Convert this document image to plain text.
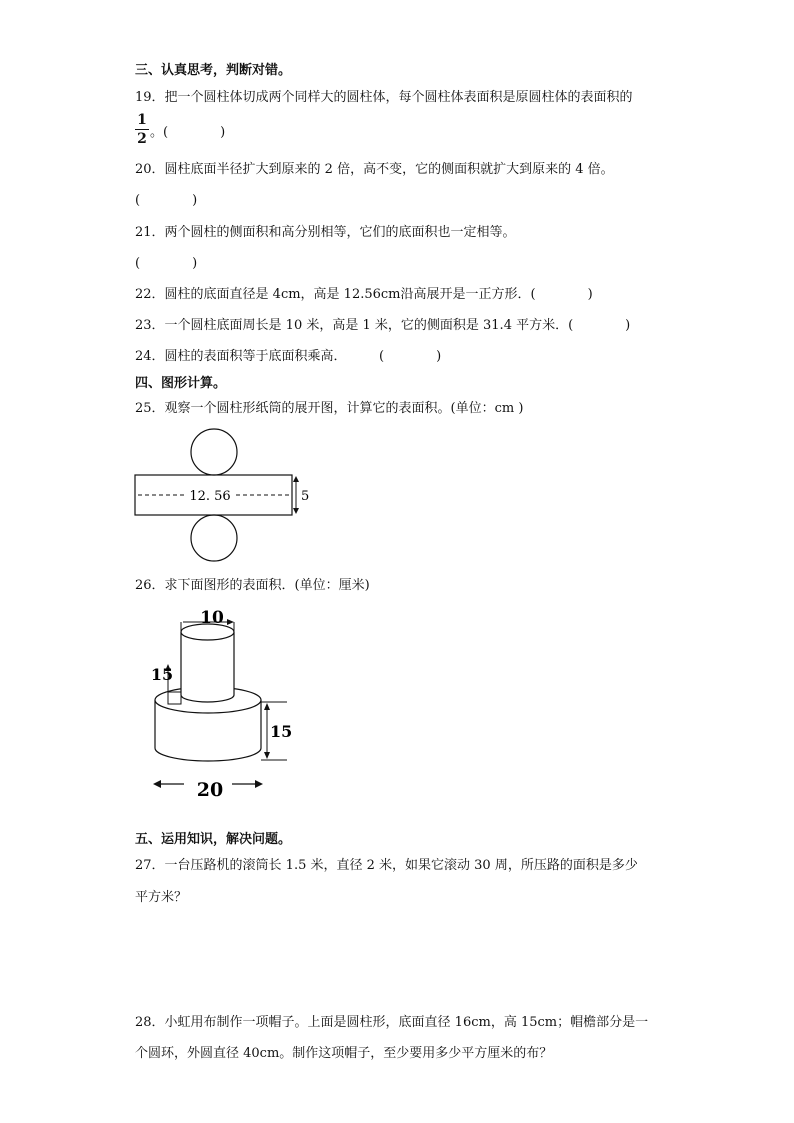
三、认真思考，判断对错。
19．把一个圆柱体切成两个同样大的圆柱体，每个圆柱体表面积是原圆柱体的表面积的
1
2 。(　　　　)
20．圆柱底面半径扩大到原来的 2 倍，高不变，它的侧面积就扩大到原来的 4 倍。
(　　　　)
21．两个圆柱的侧面积和高分别相等，它们的底面积也一定相等。
(　　　　)
22．圆柱的底面直径是 4cm，高是 12.56cm沿高展开是一正方形．(　　　　)
23．一个圆柱底面周长是 10 米，高是 1 米，它的侧面积是 31.4 平方米．(　　　　)
24．圆柱的表面积等于底面积乘高．　　　(　　　　)
四、图形计算。
25．观察一个圆柱形纸筒的展开图，计算它的表面积。(单位：cm )
12. 56	5
26．求下面图形的表面积．(单位：厘米)
10
15
15
20
五、运用知识，解决问题。
27．一台压路机的滚筒长 1.5 米，直径 2 米，如果它滚动 30 周，所压路的面积是多少
平方米？
28．小虹用布制作一项帽子。上面是圆柱形，底面直径 16cm，高 15cm；帽檐部分是一
个圆环，外圆直径 40cm。制作这项帽子，至少要用多少平方厘米的布？
